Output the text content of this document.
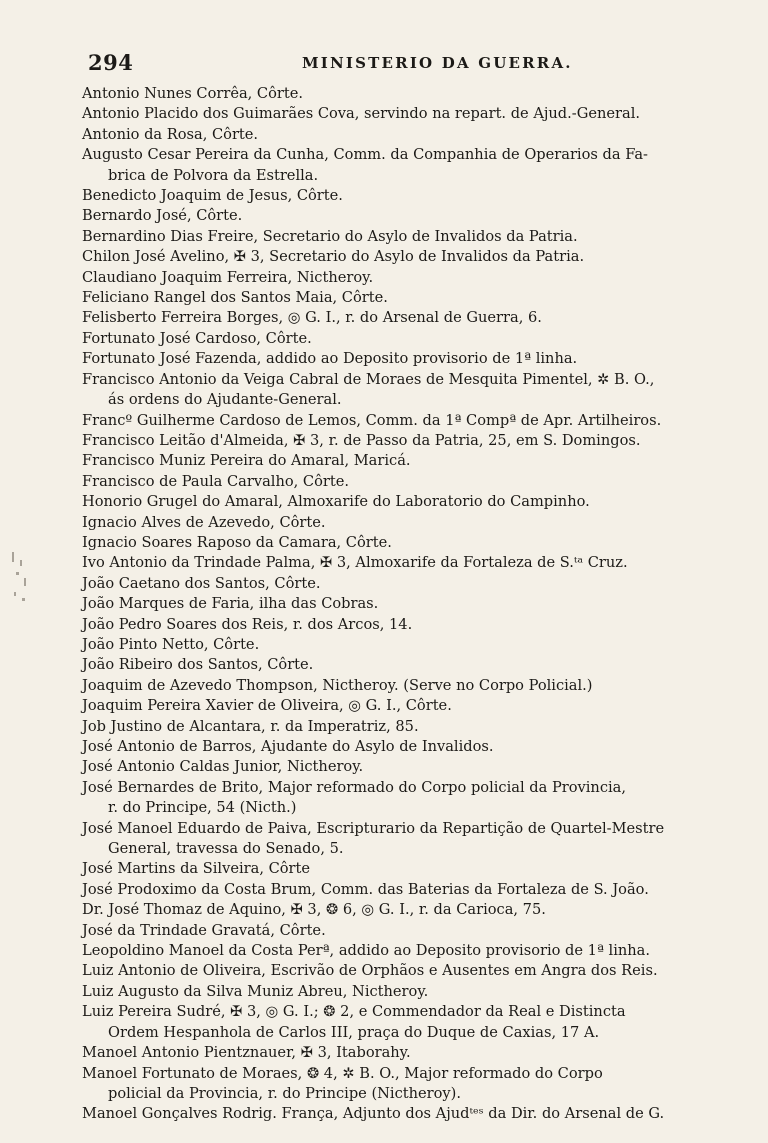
294	MINISTERIO DA GUERRA.
Antonio Nunes Corrêa, Côrte.
Antonio Placido dos Guimarães Cova, servindo na repart. de Ajud.-General.
Antonio da Rosa, Côrte.
Augusto Cesar Pereira da Cunha, Comm. da Companhia de Operarios da Fa-
brica de Polvora da Estrella.
Benedicto Joaquim de Jesus, Côrte.
Bernardo José, Côrte.
Bernardino Dias Freire, Secretario do Asylo de Invalidos da Patria.
Chilon José Avelino, ✠ 3, Secretario do Asylo de Invalidos da Patria.
Claudiano Joaquim Ferreira, Nictheroy.
Feliciano Rangel dos Santos Maia, Côrte.
Felisberto Ferreira Borges, ◎ G. I., r. do Arsenal de Guerra, 6.
Fortunato José Cardoso, Côrte.
Fortunato José Fazenda, addido ao Deposito provisorio de 1ª linha.
Francisco Antonio da Veiga Cabral de Moraes de Mesquita Pimentel, ✲ B. O.,
ás ordens do Ajudante-General.
Francº Guilherme Cardoso de Lemos, Comm. da 1ª Compª de Apr. Artilheiros.
Francisco Leitão d'Almeida, ✠ 3, r. de Passo da Patria, 25, em S. Domingos.
Francisco Muniz Pereira do Amaral, Maricá.
Francisco de Paula Carvalho, Côrte.
Honorio Grugel do Amaral, Almoxarife do Laboratorio do Campinho.
Ignacio Alves de Azevedo, Côrte.
Ignacio Soares Raposo da Camara, Côrte.
Ivo Antonio da Trindade Palma, ✠ 3, Almoxarife da Fortaleza de S.ᵗᵃ Cruz.
João Caetano dos Santos, Côrte.
João Marques de Faria, ilha das Cobras.
João Pedro Soares dos Reis, r. dos Arcos, 14.
João Pinto Netto, Côrte.
João Ribeiro dos Santos, Côrte.
Joaquim de Azevedo Thompson, Nictheroy. (Serve no Corpo Policial.)
Joaquim Pereira Xavier de Oliveira, ◎ G. I., Côrte.
Job Justino de Alcantara, r. da Imperatriz, 85.
José Antonio de Barros, Ajudante do Asylo de Invalidos.
José Antonio Caldas Junior, Nictheroy.
José Bernardes de Brito, Major reformado do Corpo policial da Provincia,
r. do Principe, 54 (Nicth.)
José Manoel Eduardo de Paiva, Escripturario da Repartição de Quartel-Mestre
General, travessa do Senado, 5.
José Martins da Silveira, Côrte
José Prodoximo da Costa Brum, Comm. das Baterias da Fortaleza de S. João.
Dr. José Thomaz de Aquino, ✠ 3, ❂ 6, ◎ G. I., r. da Carioca, 75.
José da Trindade Gravatá, Côrte.
Leopoldino Manoel da Costa Perª, addido ao Deposito provisorio de 1ª linha.
Luiz Antonio de Oliveira, Escrivão de Orphãos e Ausentes em Angra dos Reis.
Luiz Augusto da Silva Muniz Abreu, Nictheroy.
Luiz Pereira Sudré, ✠ 3, ◎ G. I.; ❂ 2, e Commendador da Real e Distincta
Ordem Hespanhola de Carlos III, praça do Duque de Caxias, 17 A.
Manoel Antonio Pientznauer, ✠ 3, Itaborahy.
Manoel Fortunato de Moraes, ❂ 4, ✲ B. O., Major reformado do Corpo
policial da Provincia, r. do Principe (Nictheroy).
Manoel Gonçalves Rodrig. França, Adjunto dos Ajudᵗᵉˢ da Dir. do Arsenal de G.
